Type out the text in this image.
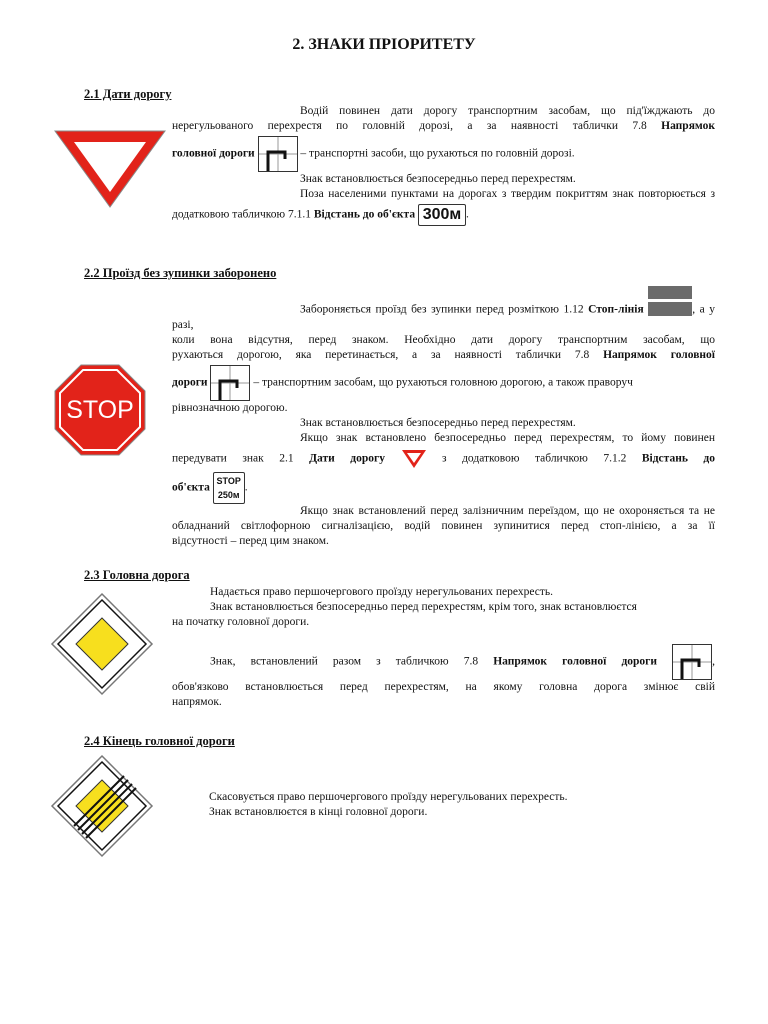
2. ЗНАКИ ПРІОРИТЕТУ
2.1 Дати дорогу
Водій повинен дати дорогу транспортним засобам, що під'їжджають до
нерегульованого перехрестя по головній дорозі, а за наявності таблички 7.8 Напрямок
головної дороги	– транспортні засоби, що рухаються по головній дорозі.
Знак встановлюється безпосередньо перед перехрестям.
Поза населеними пунктами на дорогах з твердим покриттям знак повторюється з
додатковою табличкою 7.1.1 Відстань до об'єкта 300м .
2.2 Проїзд без зупинки заборонено
STOP
Забороняється проїзд без зупинки перед розміткою 1.12 Стоп-лінія	, а у разі,
коли вона відсутня, перед знаком. Необхідно дати дорогу транспортним засобам, що
рухаються дорогою, яка перетинається, а за наявності таблички 7.8 Напрямок головної
дороги	– транспортним засобам, що рухаються головною дорогою, а також праворуч
рівнозначною дорогою.
Знак встановлюється безпосередньо перед перехрестям.
Якщо знак встановлено безпосередньо перед перехрестям, то йому повинен
передувати знак 2.1 Дати дорогу	з додатковою табличкою 7.1.2 Відстань до
об'єкта
STOP
250м
.
Якщо знак встановлений перед залізничним переїздом, що не охороняється та не
обладнаний світлофорною сигналізацією, водій повинен зупинитися перед стоп-лінією, а за її
відсутності – перед цим знаком.
2.3 Головна дорога
Надається право першочергового проїзду нерегульованих перехресть.
Знак встановлюється безпосередньо перед перехрестям, крім того, знак встановлюєтся
на початку головної дороги.
Знак, встановлений разом з табличкою 7.8 Напрямок головної дороги	,
обов'язково встановлюється перед перехрестям, на якому головна дорога змінює свій
напрямок.
2.4 Кінець головної дороги
Скасовується право першочергового проїзду нерегульованих перехресть.
Знак встановлюєтся в кінці головної дороги.
